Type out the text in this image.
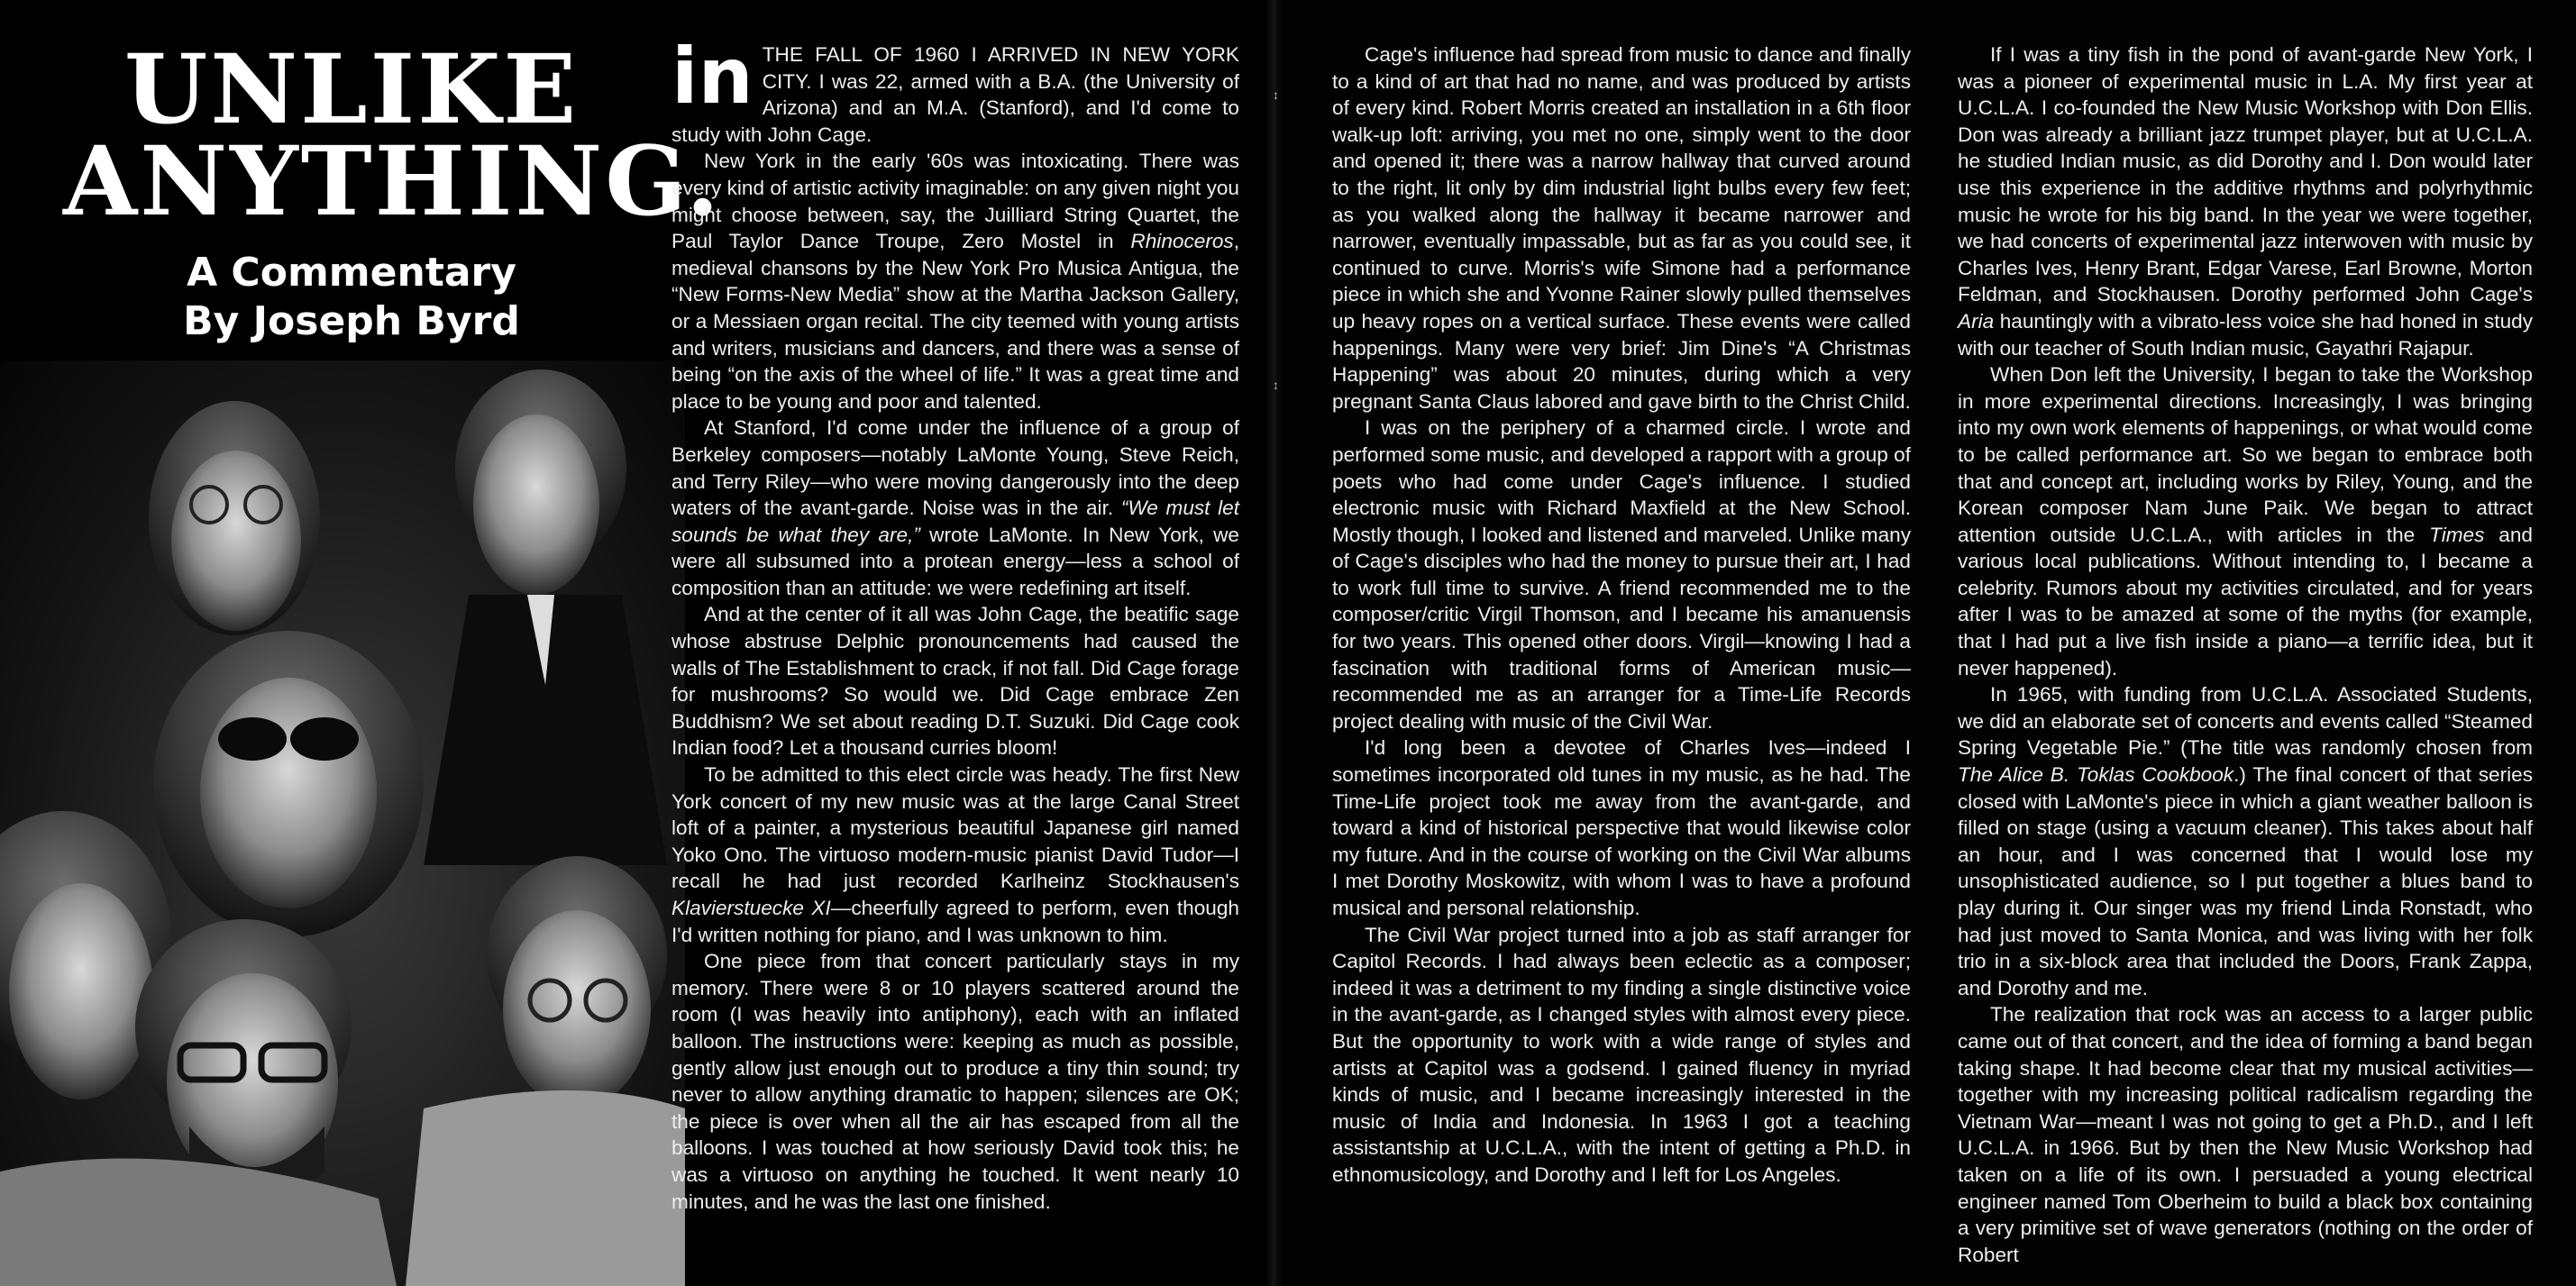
↕
↕
UNLIKE
ANYTHING.
A Commentary
By Joseph Byrd

in THE FALL OF 1960 I ARRIVED IN NEW YORK CITY. I was 22, armed with a B.A. (the University of Arizona) and an M.A. (Stanford), and I'd come to study with John Cage.

New York in the early '60s was intoxicating. There was every kind of artistic activity imaginable: on any given night you might choose between, say, the Juilliard String Quartet, the Paul Taylor Dance Troupe, Zero Mostel in Rhinoceros, medieval chansons by the New York Pro Musica Antigua, the “New Forms-New Media” show at the Martha Jackson Gallery, or a Messiaen organ recital. The city teemed with young artists and writers, musicians and dancers, and there was a sense of being “on the axis of the wheel of life.” It was a great time and place to be young and poor and talented.

At Stanford, I'd come under the influence of a group of Berkeley composers—notably LaMonte Young, Steve Reich, and Terry Riley—who were moving dangerously into the deep waters of the avant-garde. Noise was in the air. “We must let sounds be what they are,” wrote LaMonte. In New York, we were all subsumed into a protean energy—less a school of composition than an attitude: we were redefining art itself.

And at the center of it all was John Cage, the beatific sage whose abstruse Delphic pronouncements had caused the walls of The Establishment to crack, if not fall. Did Cage forage for mushrooms? So would we. Did Cage embrace Zen Buddhism? We set about reading D.T. Suzuki. Did Cage cook Indian food? Let a thousand curries bloom!

To be admitted to this elect circle was heady. The first New York concert of my new music was at the large Canal Street loft of a painter, a mysterious beautiful Japanese girl named Yoko Ono. The virtuoso modern-music pianist David Tudor—I recall he had just recorded Karlheinz Stockhausen's Klavierstuecke XI—cheerfully agreed to perform, even though I'd written nothing for piano, and I was unknown to him.

One piece from that concert particularly stays in my memory. There were 8 or 10 players scattered around the room (I was heavily into antiphony), each with an inflated balloon. The instructions were: keeping as much as possible, gently allow just enough out to produce a tiny thin sound; try never to allow anything dramatic to happen; silences are OK; the piece is over when all the air has escaped from all the balloons. I was touched at how seriously David took this; he was a virtuoso on anything he touched. It went nearly 10 minutes, and he was the last one finished.

Cage's influence had spread from music to dance and finally to a kind of art that had no name, and was produced by artists of every kind. Robert Morris created an installation in a 6th floor walk-up loft: arriving, you met no one, simply went to the door and opened it; there was a narrow hallway that curved around to the right, lit only by dim industrial light bulbs every few feet; as you walked along the hallway it became narrower and narrower, eventually impassable, but as far as you could see, it continued to curve. Morris's wife Simone had a performance piece in which she and Yvonne Rainer slowly pulled themselves up heavy ropes on a vertical surface. These events were called happenings. Many were very brief: Jim Dine's “A Christmas Happening” was about 20 minutes, during which a very pregnant Santa Claus labored and gave birth to the Christ Child.

I was on the periphery of a charmed circle. I wrote and performed some music, and developed a rapport with a group of poets who had come under Cage's influence. I studied electronic music with Richard Maxfield at the New School. Mostly though, I looked and listened and marveled. Unlike many of Cage's disciples who had the money to pursue their art, I had to work full time to survive. A friend recommended me to the composer/critic Virgil Thomson, and I became his amanuensis for two years. This opened other doors. Virgil—knowing I had a fascination with traditional forms of American music—recommended me as an arranger for a Time-Life Records project dealing with music of the Civil War.

I'd long been a devotee of Charles Ives—indeed I sometimes incorporated old tunes in my music, as he had. The Time-Life project took me away from the avant-garde, and toward a kind of historical perspective that would likewise color my future. And in the course of working on the Civil War albums I met Dorothy Moskowitz, with whom I was to have a profound musical and personal relationship.

The Civil War project turned into a job as staff arranger for Capitol Records. I had always been eclectic as a composer; indeed it was a detriment to my finding a single distinctive voice in the avant-garde, as I changed styles with almost every piece. But the opportunity to work with a wide range of styles and artists at Capitol was a godsend. I gained fluency in myriad kinds of music, and I became increasingly interested in the music of India and Indonesia. In 1963 I got a teaching assistantship at U.C.L.A., with the intent of getting a Ph.D. in ethnomusicology, and Dorothy and I left for Los Angeles.

If I was a tiny fish in the pond of avant-garde New York, I was a pioneer of experimental music in L.A. My first year at U.C.L.A. I co-founded the New Music Workshop with Don Ellis. Don was already a brilliant jazz trumpet player, but at U.C.L.A. he studied Indian music, as did Dorothy and I. Don would later use this experience in the additive rhythms and polyrhythmic music he wrote for his big band. In the year we were together, we had concerts of experimental jazz interwoven with music by Charles Ives, Henry Brant, Edgar Varese, Earl Browne, Morton Feldman, and Stockhausen. Dorothy performed John Cage's Aria hauntingly with a vibrato-less voice she had honed in study with our teacher of South Indian music, Gayathri Rajapur.

When Don left the University, I began to take the Workshop in more experimental directions. Increasingly, I was bringing into my own work elements of happenings, or what would come to be called performance art. So we began to embrace both that and concept art, including works by Riley, Young, and the Korean composer Nam June Paik. We began to attract attention outside U.C.L.A., with articles in the Times and various local publications. Without intending to, I became a celebrity. Rumors about my activities circulated, and for years after I was to be amazed at some of the myths (for example, that I had put a live fish inside a piano—a terrific idea, but it never happened).

In 1965, with funding from U.C.L.A. Associated Students, we did an elaborate set of concerts and events called “Steamed Spring Vegetable Pie.” (The title was randomly chosen from The Alice B. Toklas Cookbook.) The final concert of that series closed with LaMonte's piece in which a giant weather balloon is filled on stage (using a vacuum cleaner). This takes about half an hour, and I was concerned that I would lose my unsophisticated audience, so I put together a blues band to play during it. Our singer was my friend Linda Ronstadt, who had just moved to Santa Monica, and was living with her folk trio in a six-block area that included the Doors, Frank Zappa, and Dorothy and me.

The realization that rock was an access to a larger public came out of that concert, and the idea of forming a band began taking shape. It had become clear that my musical activities—together with my increasing political radicalism regarding the Vietnam War—meant I was not going to get a Ph.D., and I left U.C.L.A. in 1966. But by then the New Music Workshop had taken on a life of its own. I persuaded a young electrical engineer named Tom Oberheim to build a black box containing a very primitive set of wave generators (nothing on the order of Robert
